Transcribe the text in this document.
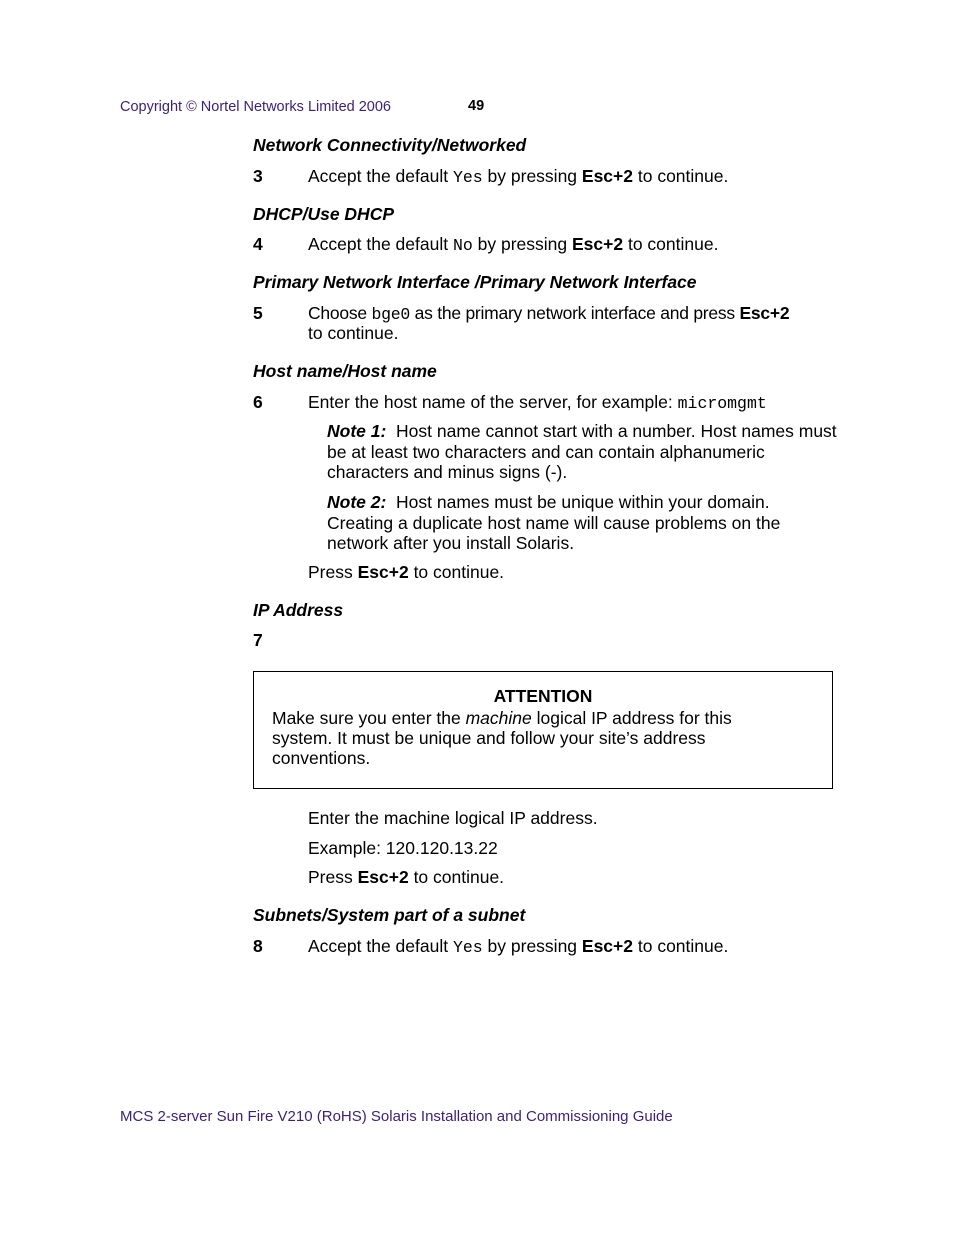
Copyright © Nortel Networks Limited 2006	49
Network Connectivity/Networked
3	Accept the default Yes by pressing Esc+2 to continue.
DHCP/Use DHCP
4	Accept the default No by pressing Esc+2 to continue.
Primary Network Interface /Primary Network Interface
5	Choose bge0 as the primary network interface and press Esc+2
to continue.
Host name/Host name
6	Enter the host name of the server, for example: micromgmt
Note 1: Host name cannot start with a number. Host names must be at least two characters and can contain alphanumeric characters and minus signs (-).
Note 2: Host names must be unique within your domain. Creating a duplicate host name will cause problems on the network after you install Solaris.
Press Esc+2 to continue.
IP Address
7
ATTENTION
Make sure you enter the machine logical IP address for this system. It must be unique and follow your site’s address conventions.
Enter the machine logical IP address.
Example: 120.120.13.22
Press Esc+2 to continue.
Subnets/System part of a subnet
8	Accept the default Yes by pressing Esc+2 to continue.
MCS 2-server Sun Fire V210 (RoHS) Solaris Installation and Commissioning Guide
